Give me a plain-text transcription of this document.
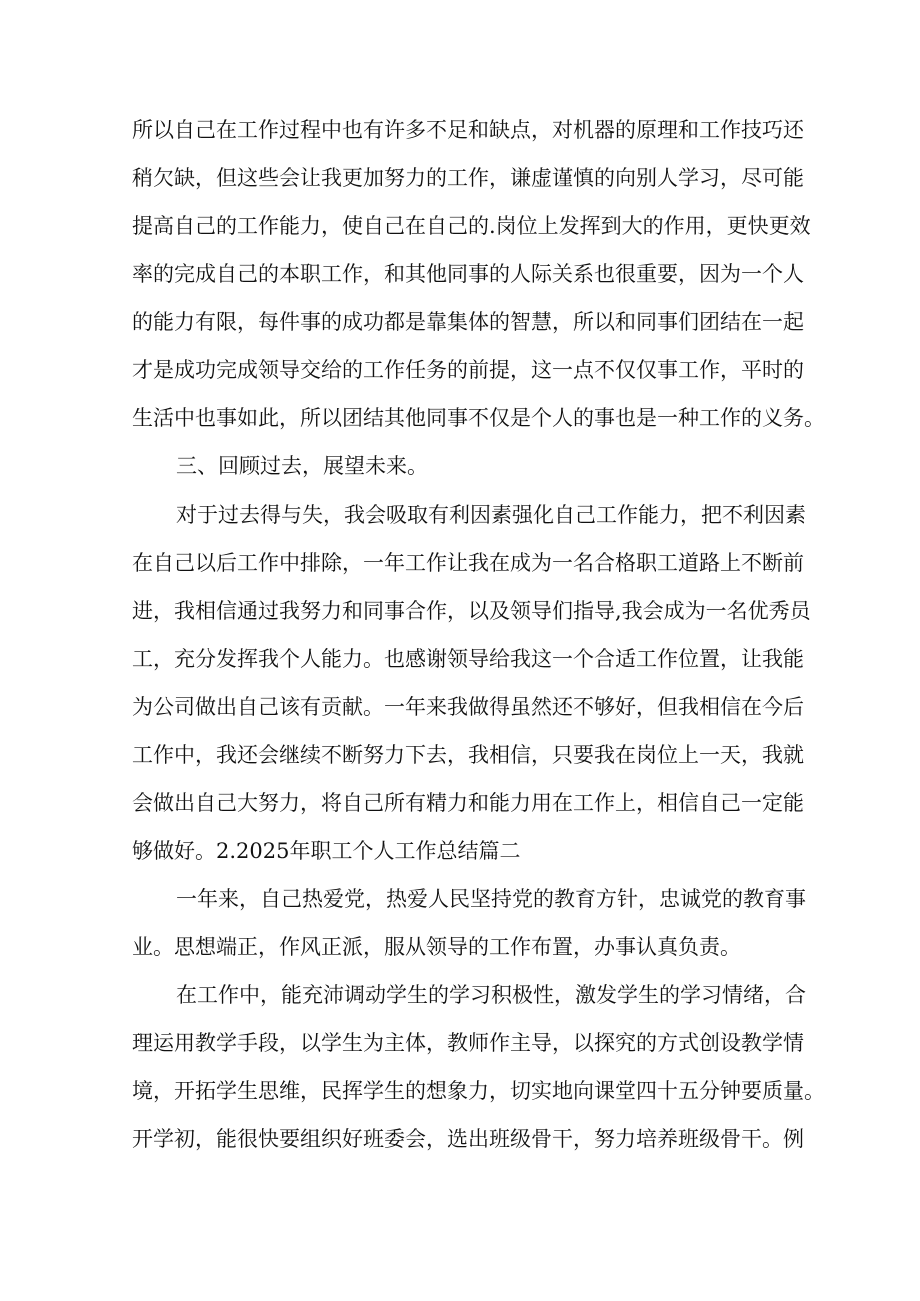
所以自己在工作过程中也有许多不足和缺点，对机器的原理和工作技巧还
稍欠缺，但这些会让我更加努力的工作，谦虚谨慎的向别人学习，尽可能
提高自己的工作能力，使自己在自己的.岗位上发挥到大的作用，更快更效
率的完成自己的本职工作，和其他同事的人际关系也很重要，因为一个人
的能力有限，每件事的成功都是靠集体的智慧，所以和同事们团结在一起
才是成功完成领导交给的工作任务的前提，这一点不仅仅事工作，平时的
生活中也事如此，所以团结其他同事不仅是个人的事也是一种工作的义务。
三、回顾过去，展望未来。
对于过去得与失，我会吸取有利因素强化自己工作能力，把不利因素
在自己以后工作中排除，一年工作让我在成为一名合格职工道路上不断前
进，我相信通过我努力和同事合作，以及领导们指导,我会成为一名优秀员
工，充分发挥我个人能力。也感谢领导给我这一个合适工作位置，让我能
为公司做出自己该有贡献。一年来我做得虽然还不够好，但我相信在今后
工作中，我还会继续不断努力下去，我相信，只要我在岗位上一天，我就
会做出自己大努力，将自己所有精力和能力用在工作上，相信自己一定能
够做好。2.2025年职工个人工作总结篇二
一年来，自己热爱党，热爱人民坚持党的教育方针，忠诚党的教育事
业。思想端正，作风正派，服从领导的工作布置，办事认真负责。
在工作中，能充沛调动学生的学习积极性，激发学生的学习情绪，合
理运用教学手段，以学生为主体，教师作主导，以探究的方式创设教学情
境，开拓学生思维，民挥学生的想象力，切实地向课堂四十五分钟要质量。
开学初，能很快要组织好班委会，选出班级骨干，努力培养班级骨干。例
